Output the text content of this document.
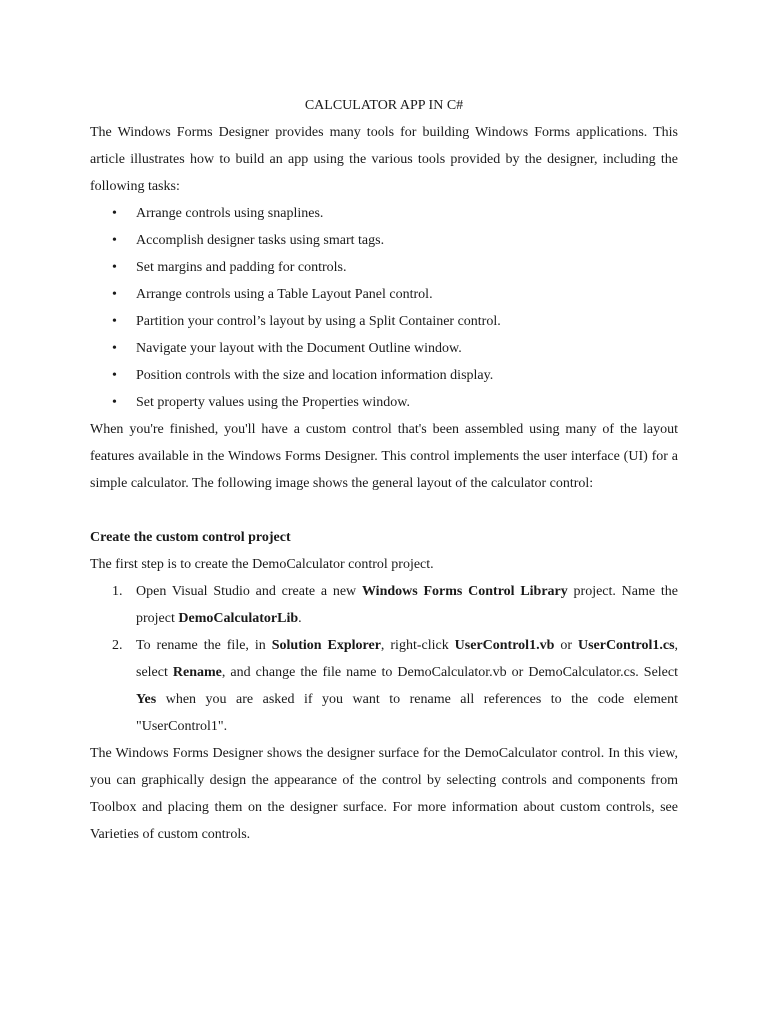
CALCULATOR APP IN C#

The Windows Forms Designer provides many tools for building Windows Forms applications. This article illustrates how to build an app using the various tools provided by the designer, including the following tasks:

• Arrange controls using snaplines.
• Accomplish designer tasks using smart tags.
• Set margins and padding for controls.
• Arrange controls using a Table Layout Panel control.
• Partition your control’s layout by using a Split Container control.
• Navigate your layout with the Document Outline window.
• Position controls with the size and location information display.
• Set property values using the Properties window.

When you're finished, you'll have a custom control that's been assembled using many of the layout features available in the Windows Forms Designer. This control implements the user interface (UI) for a simple calculator. The following image shows the general layout of the calculator control:

Create the custom control project

The first step is to create the DemoCalculator control project.

1. Open Visual Studio and create a new Windows Forms Control Library project. Name the project DemoCalculatorLib.
2. To rename the file, in Solution Explorer, right-click UserControl1.vb or UserControl1.cs, select Rename, and change the file name to DemoCalculator.vb or DemoCalculator.cs. Select Yes when you are asked if you want to rename all references to the code element "UserControl1".

The Windows Forms Designer shows the designer surface for the DemoCalculator control. In this view, you can graphically design the appearance of the control by selecting controls and components from Toolbox and placing them on the designer surface. For more information about custom controls, see Varieties of custom controls.
